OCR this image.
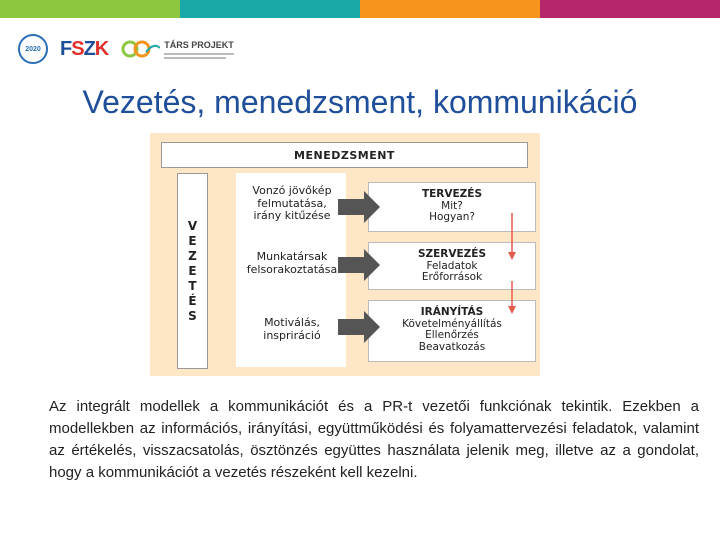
2020 FSZK	TÁRS PROJEKT
Vezetés, menedzsment, kommunikáció
MENEDZSMENT
V
E
Z
E
T
É
S
Vonzó jövőkép
felmutatása,
irány kitűzése
Munkatársak
felsorakoztatása
Motiválás,
inspriráció
TERVEZÉS
Mit?
Hogyan?
SZERVEZÉS
Feladatok
Erőforrások
IRÁNYÍTÁS
Követelményállítás
Ellenőrzés
Beavatkozás
Az integrált modellek a kommunikációt és a PR-t vezetői funkciónak tekintik. Ezekben a modellekben az információs, irányítási, együttműködési és folyamattervezési feladatok, valamint az értékelés, visszacsatolás, ösztönzés együttes használata jelenik meg, illetve az a gondolat, hogy a kommunikációt a vezetés részeként kell kezelni.
